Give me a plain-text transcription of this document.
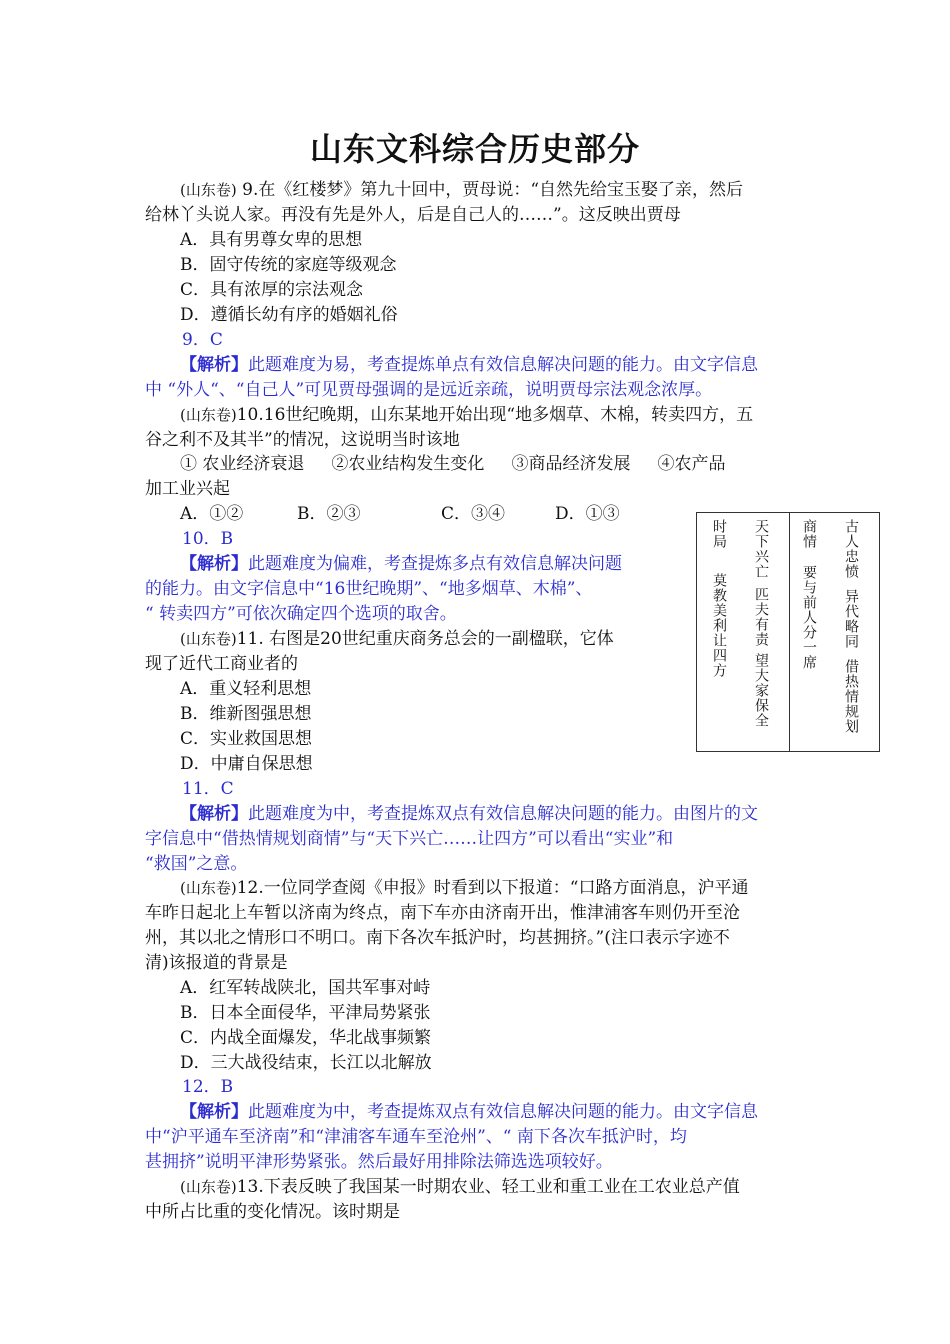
山东文科综合历史部分
(山东卷) 9.在《红楼梦》第九十回中，贾母说：“自然先给宝玉娶了亲，然后
给林丫头说人家。再没有先是外人，后是自己人的……”。这反映出贾母
A．具有男尊女卑的思想
B．固守传统的家庭等级观念
C．具有浓厚的宗法观念
D．遵循长幼有序的婚姻礼俗
9．C
【解析】此题难度为易，考查提炼单点有效信息解决问题的能力。由文字信息
中 “外人“、“自己人”可见贾母强调的是远近亲疏，说明贾母宗法观念浓厚。
(山东卷)10.16世纪晚期，山东某地开始出现“地多烟草、木棉，转卖四方，五
谷之利不及其半”的情况，这说明当时该地
① 农业经济衰退     ②农业结构发生变化     ③商品经济发展     ④农产品
加工业兴起
A．①②	B．②③	C．③④	D．①③
10．B
【解析】此题难度为偏难，考查提炼多点有效信息解决问题
的能力。由文字信息中“16世纪晚期”、“地多烟草、木棉”、
“ 转卖四方”可依次确定四个选项的取舍。
(山东卷)11. 右图是20世纪重庆商务总会的一副楹联，它体
现了近代工商业者的
A．重义轻利思想
B．维新图强思想
C．实业救国思想
D．中庸自保思想
11．C
【解析】此题难度为中，考查提炼双点有效信息解决问题的能力。由图片的文
字信息中“借热情规划商情”与“天下兴亡……让四方”可以看出“实业”和
“救国”之意。
古人忠愤异代略同借热情规划
商情要与前人分一席
天下兴亡匹夫有责望大家保全
时局莫教美利让四方
(山东卷)12.一位同学查阅《申报》时看到以下报道：“口路方面消息，沪平通
车昨日起北上车暂以济南为终点，南下车亦由济南开出，惟津浦客车则仍开至沧
州，其以北之情形口不明口。南下各次车抵沪时，均甚拥挤。”(注口表示字迹不
清)该报道的背景是
A．红军转战陕北，国共军事对峙
B．日本全面侵华，平津局势紧张
C．内战全面爆发，华北战事频繁
D．三大战役结束，长江以北解放
12．B
【解析】此题难度为中，考查提炼双点有效信息解决问题的能力。由文字信息
中“沪平通车至济南”和“津浦客车通车至沧州”、“ 南下各次车抵沪时，均
甚拥挤”说明平津形势紧张。然后最好用排除法筛选选项较好。
(山东卷)13.下表反映了我国某一时期农业、轻工业和重工业在工农业总产值
中所占比重的变化情况。该时期是
